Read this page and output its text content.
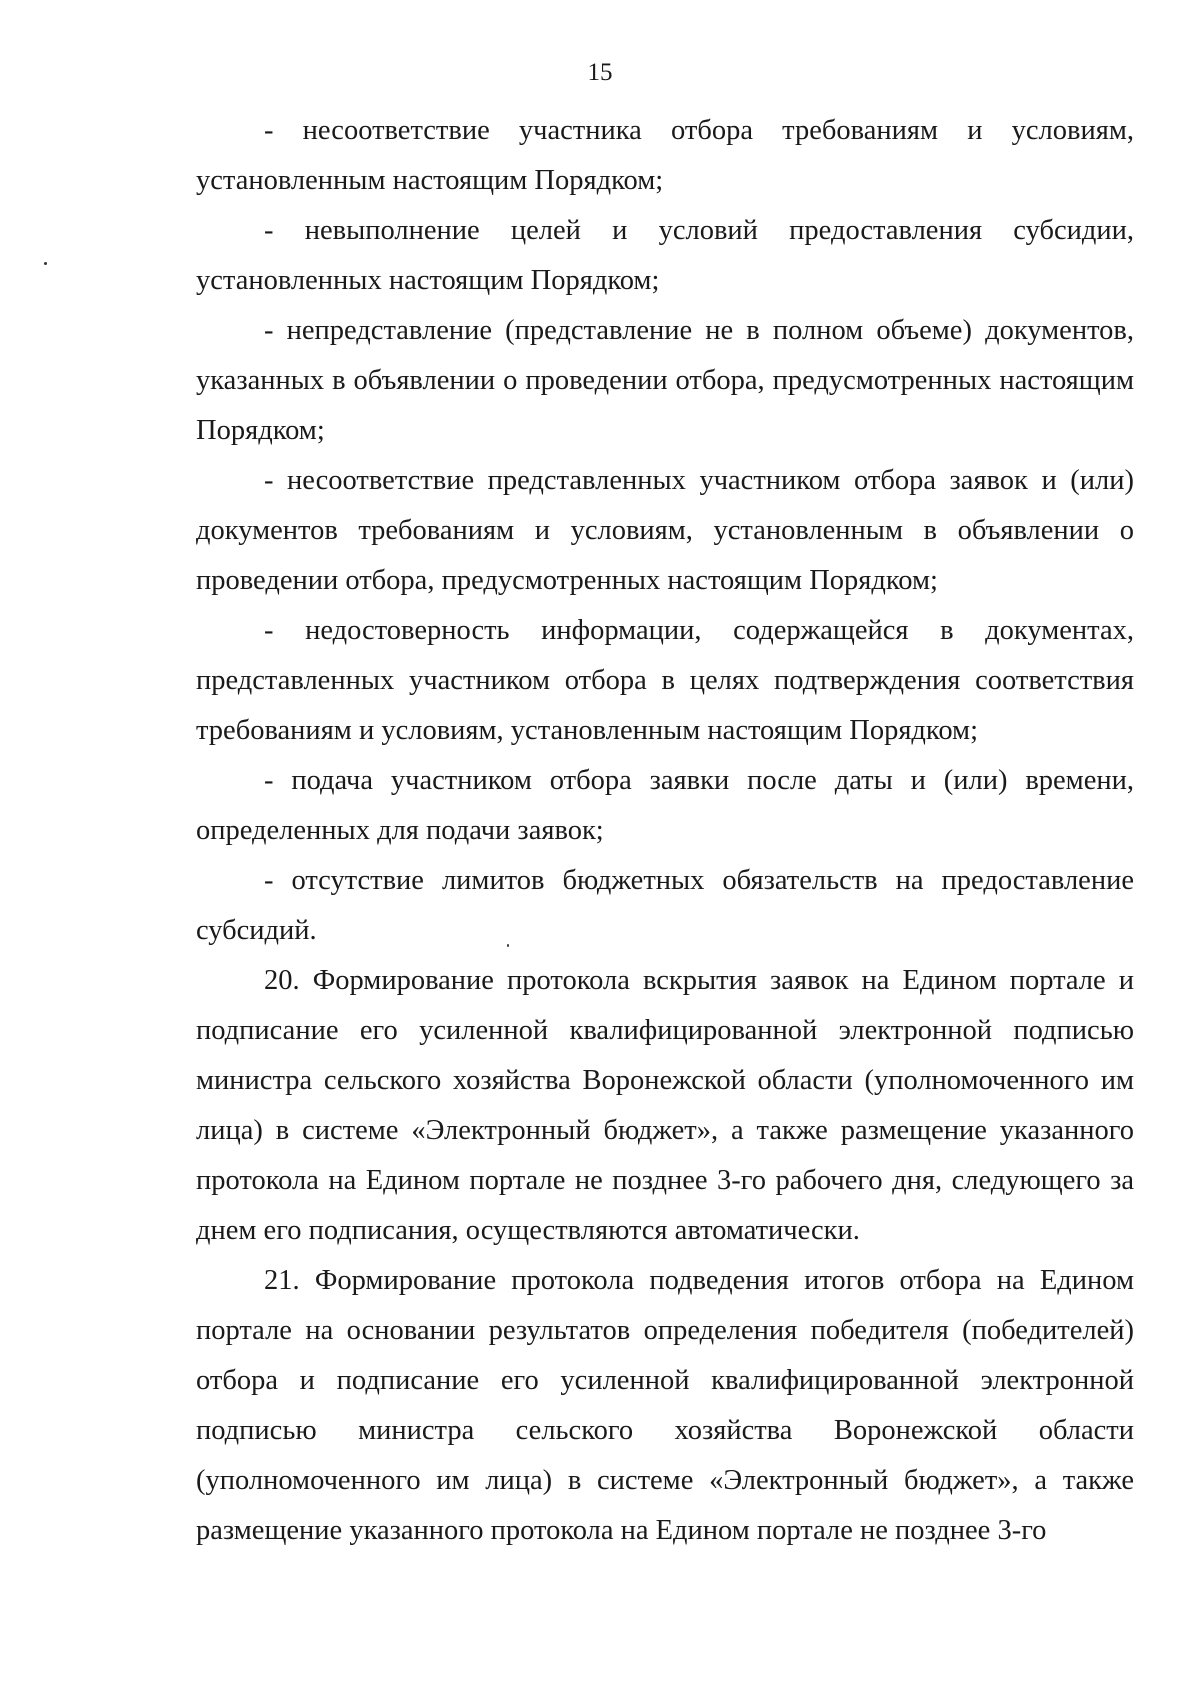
15

- несоответствие участника отбора требованиям и условиям, установленным настоящим Порядком;

- невыполнение целей и условий предоставления субсидии, установленных настоящим Порядком;

- непредставление (представление не в полном объеме) документов, указанных в объявлении о проведении отбора, предусмотренных настоящим Порядком;

- несоответствие представленных участником отбора заявок и (или) документов требованиям и условиям, установленным в объявлении о проведении отбора, предусмотренных настоящим Порядком;

- недостоверность информации, содержащейся в документах, представленных участником отбора в целях подтверждения соответствия требованиям и условиям, установленным настоящим Порядком;

- подача участником отбора заявки после даты и (или) времени, определенных для подачи заявок;

- отсутствие лимитов бюджетных обязательств на предоставление субсидий.

20. Формирование протокола вскрытия заявок на Едином портале и подписание его усиленной квалифицированной электронной подписью министра сельского хозяйства Воронежской области (уполномоченного им лица) в системе «Электронный бюджет», а также размещение указанного протокола на Едином портале не позднее 3-го рабочего дня, следующего за днем его подписания, осуществляются автоматически.

21. Формирование протокола подведения итогов отбора на Едином портале на основании результатов определения победителя (победителей) отбора и подписание его усиленной квалифицированной электронной подписью министра сельского хозяйства Воронежской области (уполномоченного им лица) в системе «Электронный бюджет», а также размещение указанного протокола на Едином портале не позднее 3-го
